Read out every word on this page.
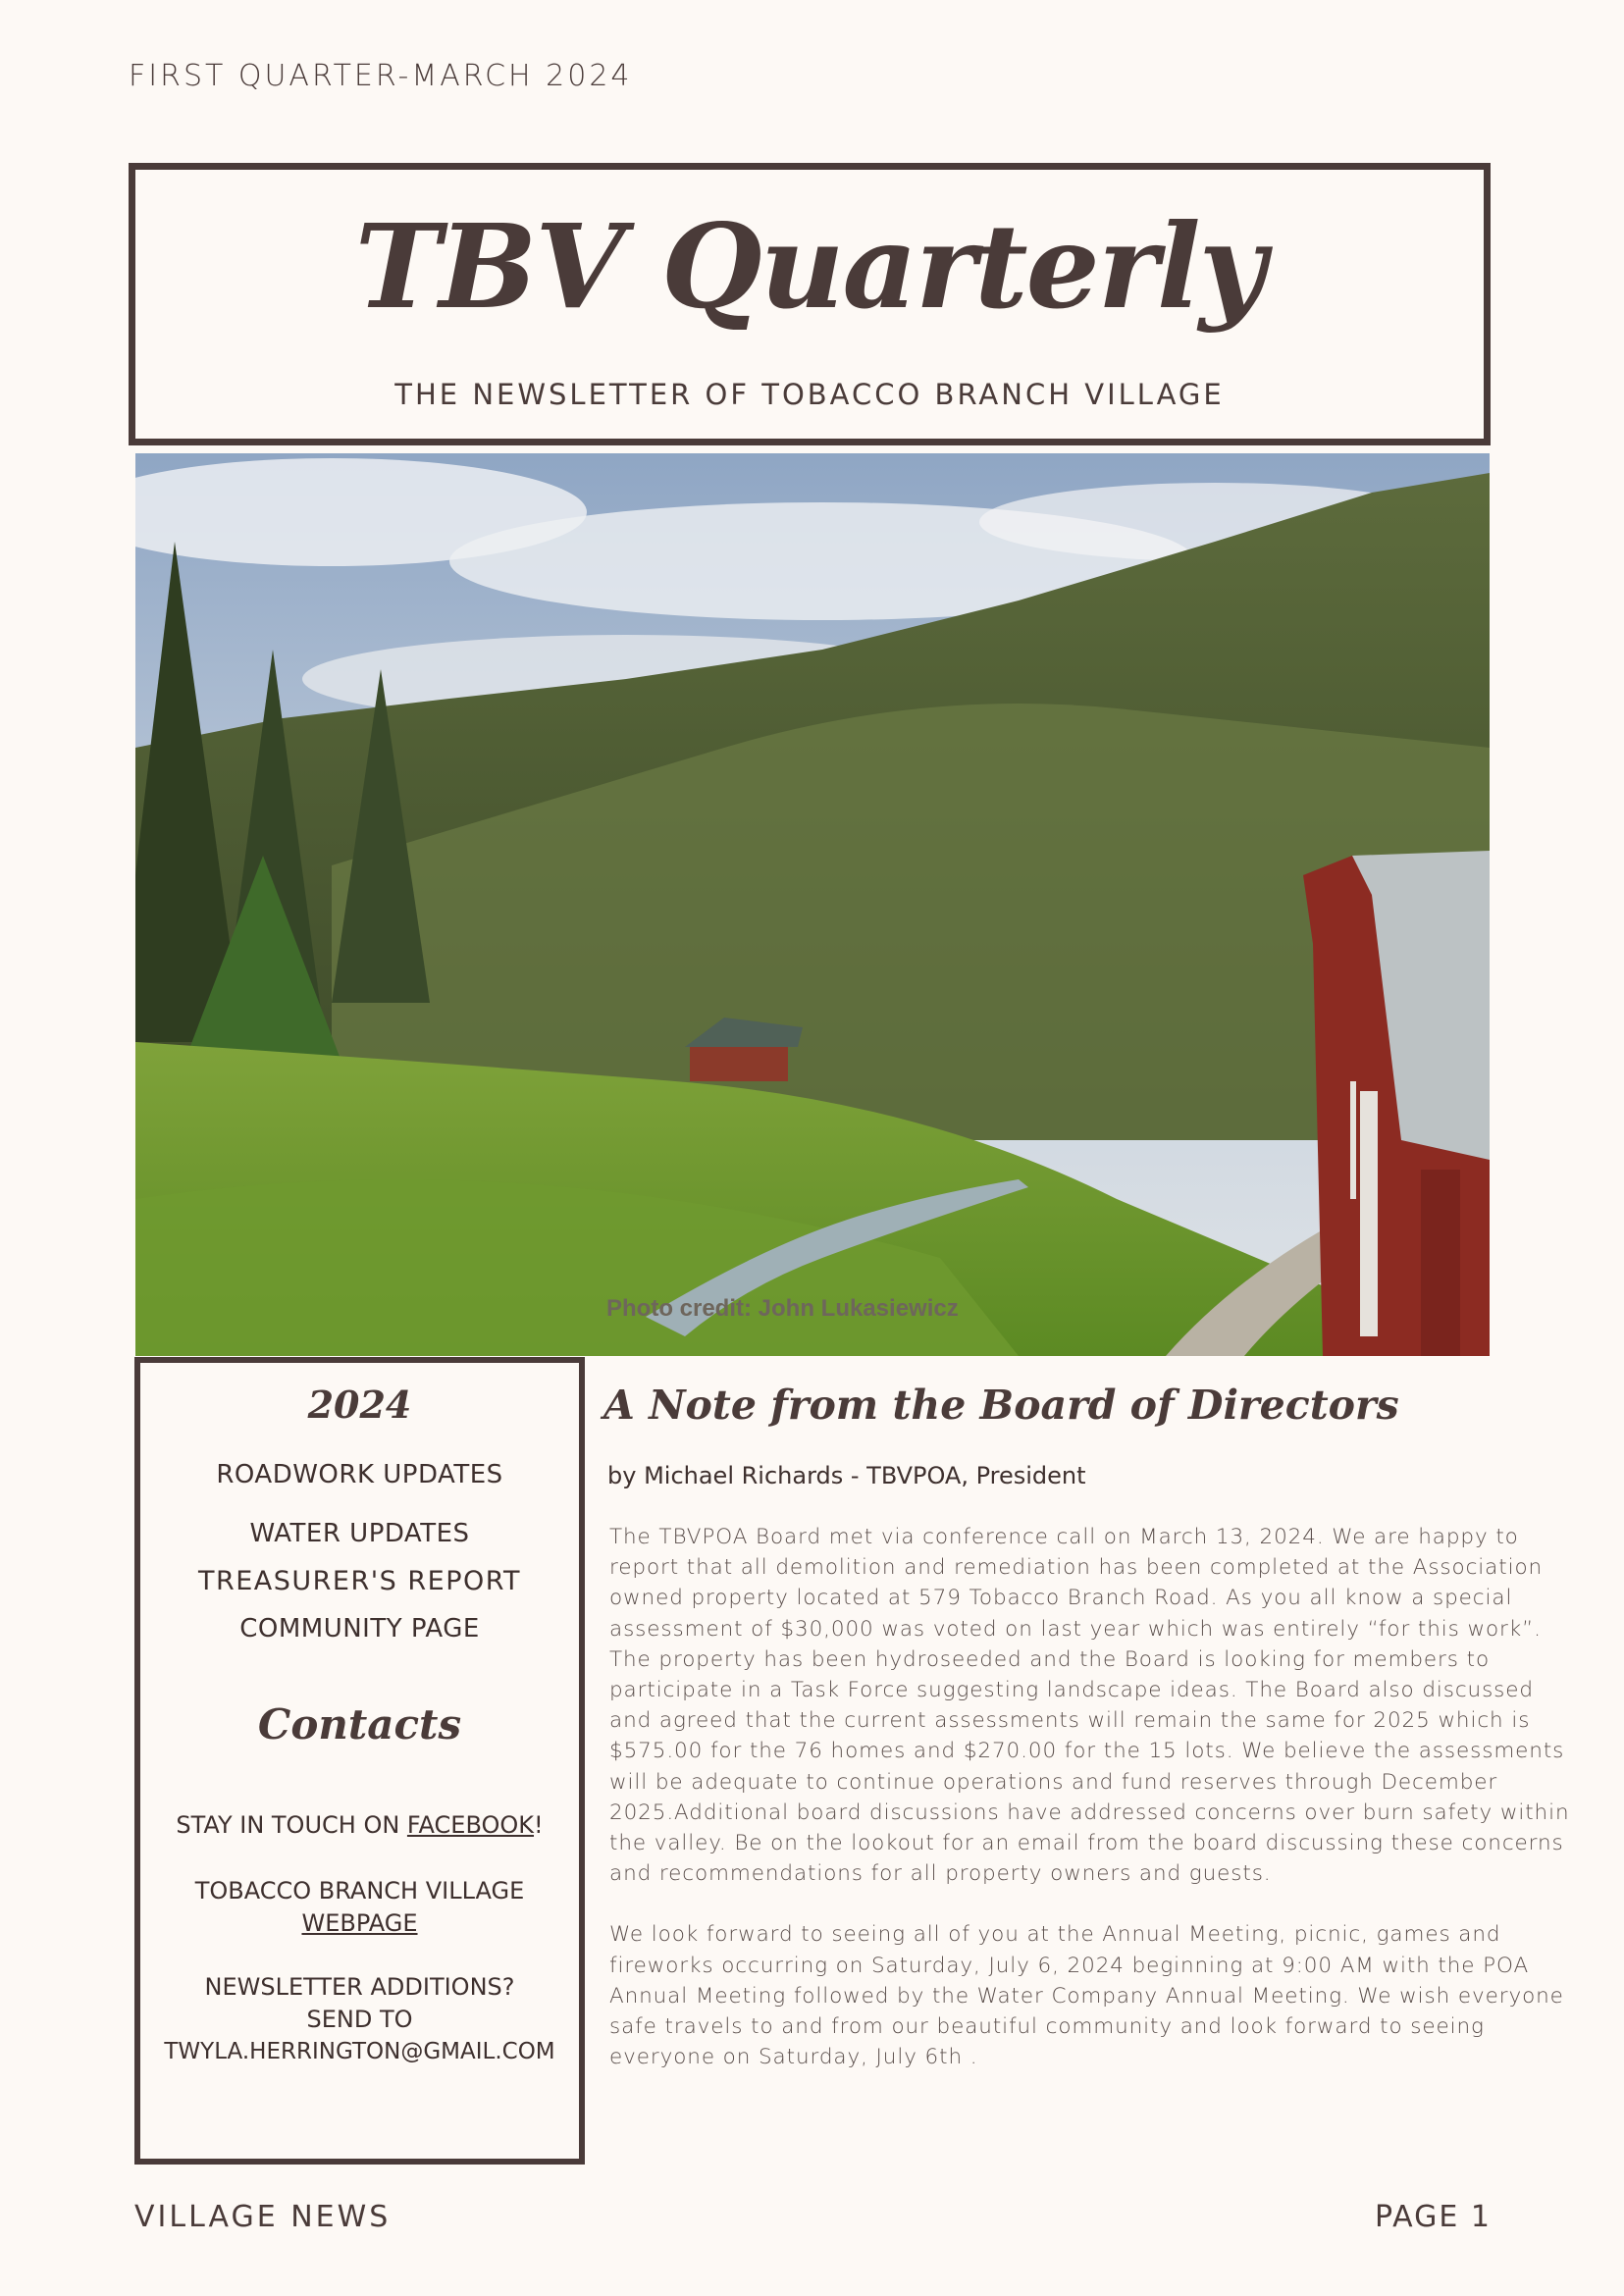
FIRST QUARTER-MARCH 2024
TBV Quarterly
THE NEWSLETTER OF TOBACCO BRANCH VILLAGE
Photo credit: John Lukasiewicz
2024
ROADWORK UPDATES
WATER UPDATES
TREASURER'S REPORT
COMMUNITY PAGE
Contacts
STAY IN TOUCH ON FACEBOOK!
TOBACCO BRANCH VILLAGE
WEBPAGE
NEWSLETTER ADDITIONS?
SEND TO
TWYLA.HERRINGTON@GMAIL.COM
A Note from the Board of Directors
by Michael Richards - TBVPOA, President

The TBVPOA Board met via conference call on March 13, 2024. We are happy to report that all demolition and remediation has been completed at the Association owned property located at 579 Tobacco Branch Road. As you all know a special assessment of $30,000 was voted on last year which was entirely “for this work”. The property has been hydroseeded and the Board is looking for members to participate in a Task Force suggesting landscape ideas. The Board also discussed and agreed that the current assessments will remain the same for 2025 which is $575.00 for the 76 homes and $270.00 for the 15 lots. We believe the assessments will be adequate to continue operations and fund reserves through December 2025.Additional board discussions have addressed concerns over burn safety within the valley. Be on the lookout for an email from the board discussing these concerns and recommendations for all property owners and guests.

We look forward to seeing all of you at the Annual Meeting, picnic, games and fireworks occurring on Saturday, July 6, 2024 beginning at 9:00 AM with the POA Annual Meeting followed by the Water Company Annual Meeting. We wish everyone safe travels to and from our beautiful community and look forward to seeing everyone on Saturday, July 6th .

VILLAGE NEWS	PAGE 1
